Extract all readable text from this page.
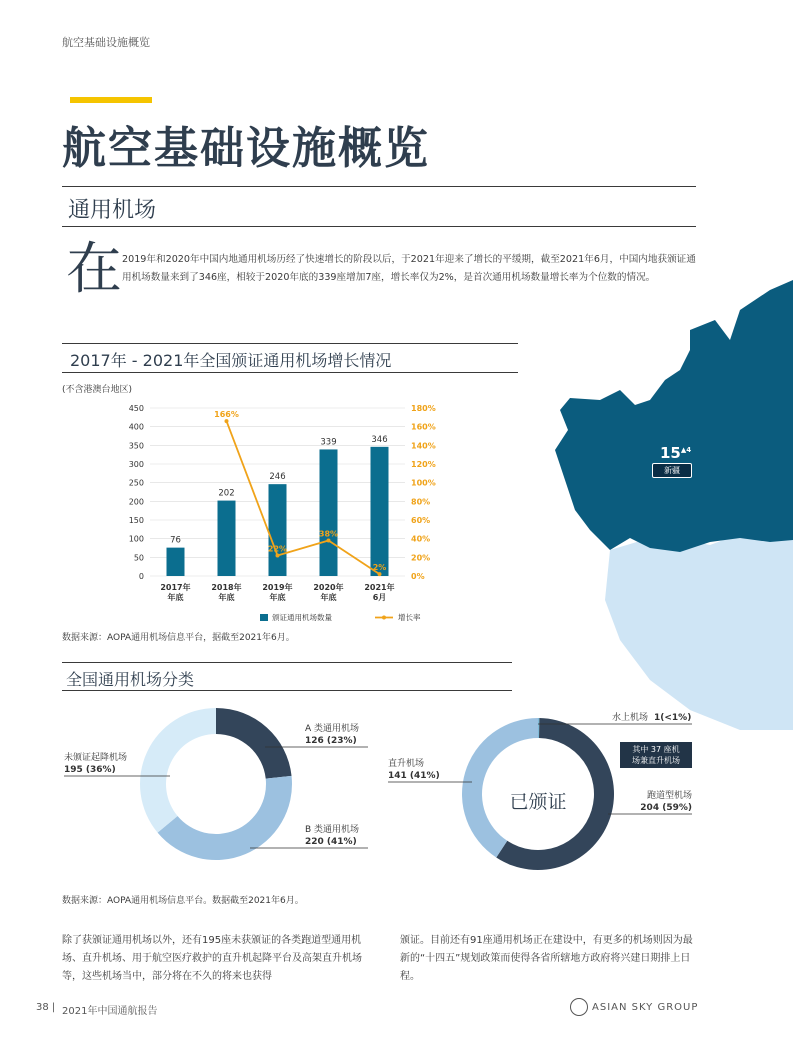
$15^{▲4}$
新疆
航空基础设施概览
航空基础设施概览
通用机场
在 2019年和2020年中国内地通用机场历经了快速增长的阶段以后，于2021年迎来了增长的平缓期，截至2021年6月，中国内地获颁证通用机场数量来到了346座，相较于2020年底的339座增加7座，增长率仅为2%，是首次通用机场数量增长率为个位数的情况。
2017年 - 2021年全国颁证通用机场增长情况
(不含港澳台地区)
0
50
100
150
200
250
300
350
400
450
0%
20%
40%
60%
80%
100%
120%
140%
160%
180%
76
2017年
年底
202
2018年
年底
246
2019年
年底
339
2020年
年底
346
2021年
6月
166%
22%
38%
2%
颁证通用机场数量	增长率
数据来源：AOPA通用机场信息平台，据截至2021年6月。
全国通用机场分类
A 类通用机场
126 (23%)
B 类通用机场
220 (41%)
未颁证起降机场
195 (36%)
已颁证
水上机场 1(<1%)
其中 37 座机
场兼直升机场
跑道型机场
204 (59%)
直升机场
141 (41%)
数据来源：AOPA通用机场信息平台。数据截至2021年6月。
除了获颁证通用机场以外，还有195座未获颁证的各类跑道型通用机场、直升机场、用于航空医疗救护的直升机起降平台及高架直升机场等，这些机场当中，部分将在不久的将来也获得
颁证。目前还有91座通用机场正在建设中，有更多的机场则因为最新的“十四五”规划政策而使得各省所辖地方政府将兴建日期排上日程。
38 | 2021年中国通航报告	ASIAN SKY GROUP
